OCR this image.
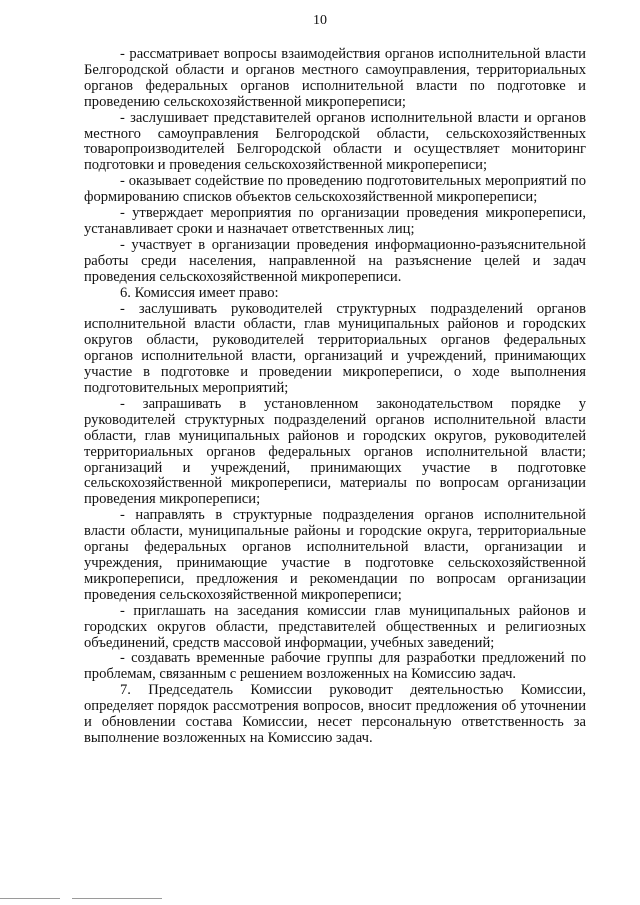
10

- рассматривает вопросы взаимодействия органов исполнительной власти Белгородской области и органов местного самоуправления, территориальных органов федеральных органов исполнительной власти по подготовке и проведению сельскохозяйственной микропереписи;

- заслушивает представителей органов исполнительной власти и органов местного самоуправления Белгородской области, сельскохозяйственных товаропроизводителей Белгородской области и осуществляет мониторинг подготовки и проведения сельскохозяйственной микропереписи;

- оказывает содействие по проведению подготовительных мероприятий по формированию списков объектов сельскохозяйственной микропереписи;

- утверждает мероприятия по организации проведения микропереписи, устанавливает сроки и назначает ответственных лиц;

- участвует в организации проведения информационно-разъяснительной работы среди населения, направленной на разъяснение целей и задач проведения сельскохозяйственной микропереписи.

6. Комиссия имеет право:

- заслушивать руководителей структурных подразделений органов исполнительной власти области, глав муниципальных районов и городских округов области, руководителей территориальных органов федеральных органов исполнительной власти, организаций и учреждений, принимающих участие в подготовке и проведении микропереписи, о ходе выполнения подготовительных мероприятий;

- запрашивать в установленном законодательством порядке у руководителей структурных подразделений органов исполнительной власти области, глав муниципальных районов и городских округов, руководителей территориальных органов федеральных органов исполнительной власти; организаций и учреждений, принимающих участие в подготовке сельскохозяйственной микропереписи, материалы по вопросам организации проведения микропереписи;

- направлять в структурные подразделения органов исполнительной власти области, муниципальные районы и городские округа, территориальные органы федеральных органов исполнительной власти, организации и учреждения, принимающие участие в подготовке сельскохозяйственной микропереписи, предложения и рекомендации по вопросам организации проведения сельскохозяйственной микропереписи;

- приглашать на заседания комиссии глав муниципальных районов и городских округов области, представителей общественных и религиозных объединений, средств массовой информации, учебных заведений;

- создавать временные рабочие группы для разработки предложений по проблемам, связанным с решением возложенных на Комиссию задач.

7. Председатель Комиссии руководит деятельностью Комиссии, определяет порядок рассмотрения вопросов, вносит предложения об уточнении и обновлении состава Комиссии, несет персональную ответственность за выполнение возложенных на Комиссию задач.
